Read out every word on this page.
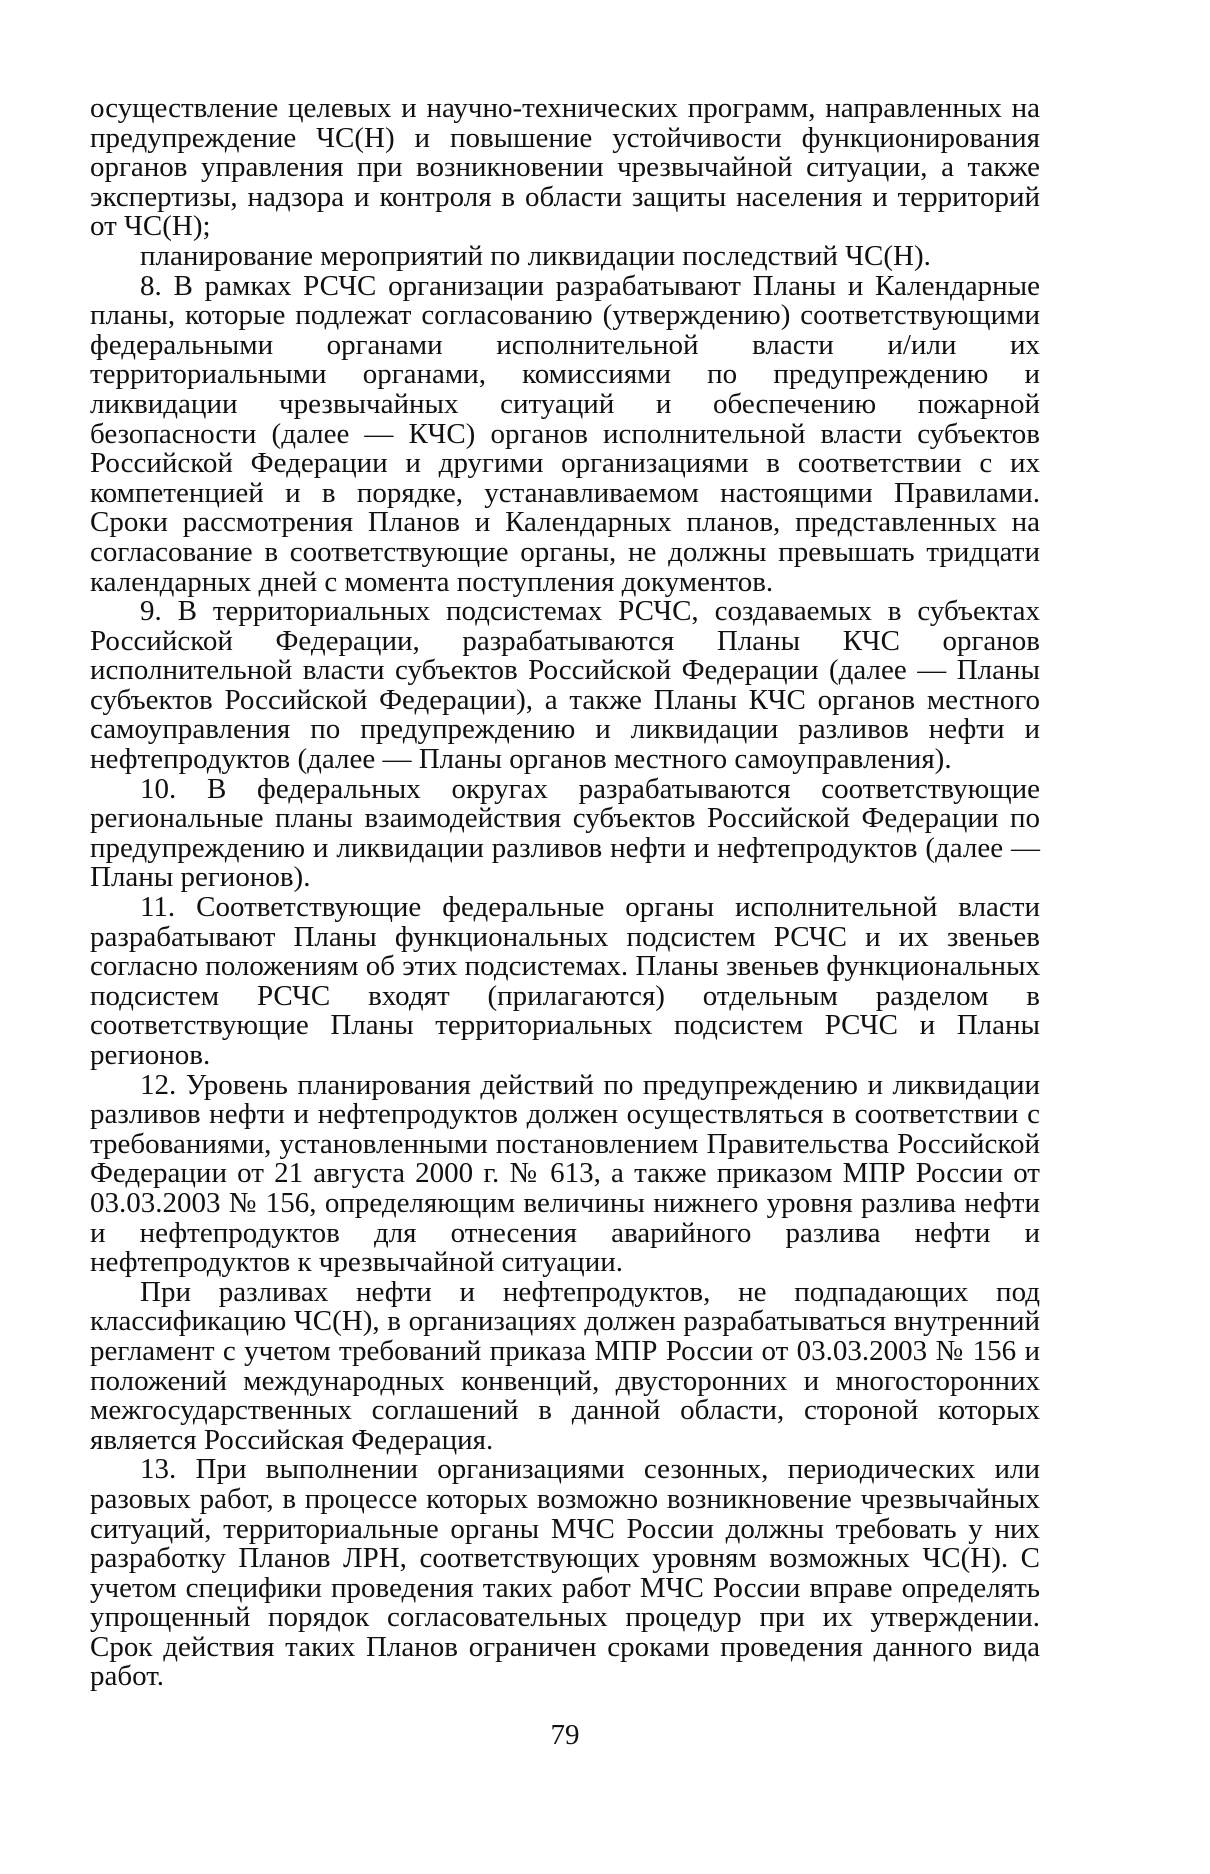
осуществление целевых и научно-технических программ, направленных на предупреждение ЧС(Н) и повышение устойчивости функционирования органов управления при возникновении чрезвычайной ситуации, а также экспертизы, надзора и контроля в области защиты населения и территорий от ЧС(Н);

планирование мероприятий по ликвидации последствий ЧС(Н).

8. В рамках РСЧС организации разрабатывают Планы и Календарные планы, которые подлежат согласованию (утверждению) соответствующими федеральными органами исполнительной власти и/или их территориальными органами, комиссиями по предупреждению и ликвидации чрезвычайных ситуаций и обеспечению пожарной безопасности (далее — КЧС) органов исполнительной власти субъектов Российской Федерации и другими организациями в соответствии с их компетенцией и в порядке, устанавливаемом настоящими Правилами. Сроки рассмотрения Планов и Календарных планов, представленных на согласование в соответствующие органы, не должны превышать тридцати календарных дней с момента поступления документов.

9. В территориальных подсистемах РСЧС, создаваемых в субъектах Российской Федерации, разрабатываются Планы КЧС органов исполнительной власти субъектов Российской Федерации (далее — Планы субъектов Российской Федерации), а также Планы КЧС органов местного самоуправления по предупреждению и ликвидации разливов нефти и нефтепродуктов (далее — Планы органов местного самоуправления).

10. В федеральных округах разрабатываются соответствующие региональные планы взаимодействия субъектов Российской Федерации по предупреждению и ликвидации разливов нефти и нефтепродуктов (далее — Планы регионов).

11. Соответствующие федеральные органы исполнительной власти разрабатывают Планы функциональных подсистем РСЧС и их звеньев согласно положениям об этих подсистемах. Планы звеньев функциональных подсистем РСЧС входят (прилагаются) отдельным разделом в соответствующие Планы территориальных подсистем РСЧС и Планы регионов.

12. Уровень планирования действий по предупреждению и ликвидации разливов нефти и нефтепродуктов должен осуществляться в соответствии с требованиями, установленными постановлением Правительства Российской Федерации от 21 августа 2000 г. № 613, а также приказом МПР России от 03.03.2003 № 156, определяющим величины нижнего уровня разлива нефти и нефтепродуктов для отнесения аварийного разлива нефти и нефтепродуктов к чрезвычайной ситуации.

При разливах нефти и нефтепродуктов, не подпадающих под классификацию ЧС(Н), в организациях должен разрабатываться внутренний регламент с учетом требований приказа МПР России от 03.03.2003 № 156 и положений международных конвенций, двусторонних и многосторонних межгосударственных соглашений в данной области, стороной которых является Российская Федерация.

13. При выполнении организациями сезонных, периодических или разовых работ, в процессе которых возможно возникновение чрезвычайных ситуаций, территориальные органы МЧС России должны требовать у них разработку Планов ЛРН, соответствующих уровням возможных ЧС(Н). С учетом специфики проведения таких работ МЧС России вправе определять упрощенный порядок согласовательных процедур при их утверждении. Срок действия таких Планов ограничен сроками проведения данного вида работ.

79
